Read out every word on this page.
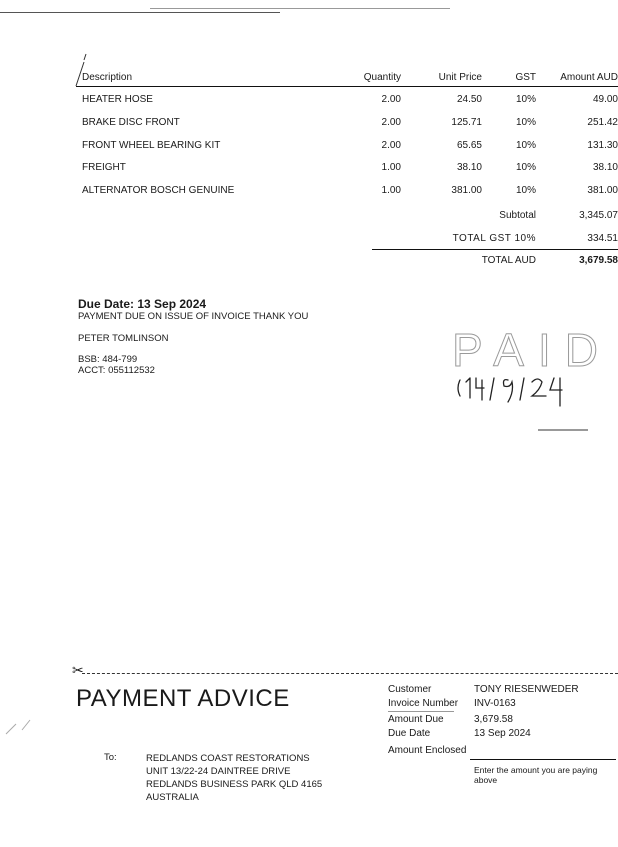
Description	Quantity	Unit Price	GST	Amount AUD
HEATER HOSE	2.00	24.50	10%	49.00
BRAKE DISC FRONT	2.00	125.71	10%	251.42
FRONT WHEEL BEARING KIT	2.00	65.65	10%	131.30
FREIGHT	1.00	38.10	10%	38.10
ALTERNATOR BOSCH GENUINE	1.00	381.00	10%	381.00
Subtotal	3,345.07
TOTAL GST 10%	334.51
TOTAL AUD	3,679.58
Due Date: 13 Sep 2024
PAYMENT DUE ON ISSUE OF INVOICE THANK YOU
PETER TOMLINSON
BSB: 484-799
ACCT: 055112532	PAID
✂
PAYMENT ADVICE
To:	REDLANDS COAST RESTORATIONS
UNIT 13/22-24 DAINTREE DRIVE
REDLANDS BUSINESS PARK QLD 4165
AUSTRALIA
Customer	TONY RIESENWEDER
Invoice Number INV-0163
Amount Due	3,679.58
Due Date	13 Sep 2024
Amount Enclosed
Enter the amount you are paying above
